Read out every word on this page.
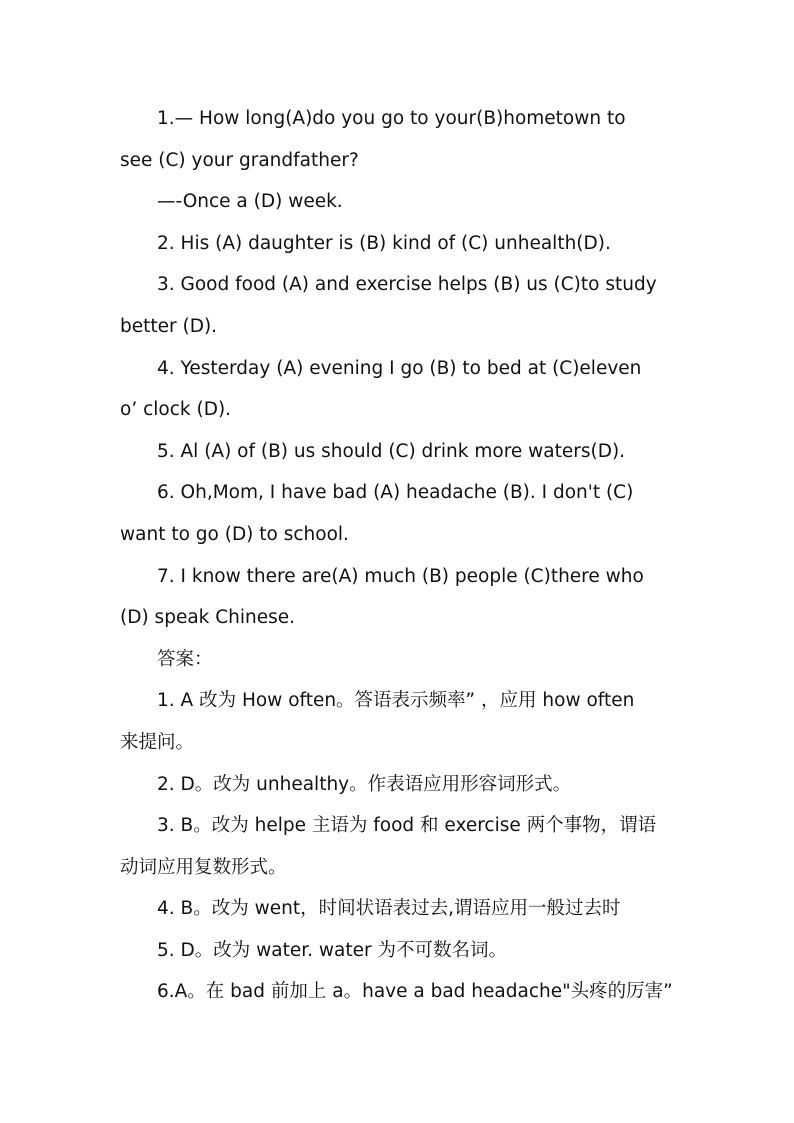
1.— How long(A)do you go to your(B)hometown to
see (C) your grandfather?
—-Once a (D) week.
2. His (A) daughter is (B) kind of (C) unhealth(D).
3. Good food (A) and exercise helps (B) us (C)to study
better (D).
4. Yesterday (A) evening I go (B) to bed at (C)eleven
o’ clock (D).
5. Al (A) of (B) us should (C) drink more waters(D).
6. Oh,Mom, I have bad (A) headache (B). I don't (C)
want to go (D) to school.
7. I know there are(A) much (B) people (C)there who
(D) speak Chinese.
答案：
1. A 改为 How often。答语表示频率” ，应用 how often
来提问。
2. D。改为 unhealthy。作表语应用形容词形式。
3. B。改为 helpe 主语为 food 和 exercise 两个事物，谓语
动词应用复数形式。
4. B。改为 went，时间状语表过去,谓语应用一般过去时
5. D。改为 water. water 为不可数名词。
6.A。在 bad 前加上 a。have a bad headache"头疼的厉害”
